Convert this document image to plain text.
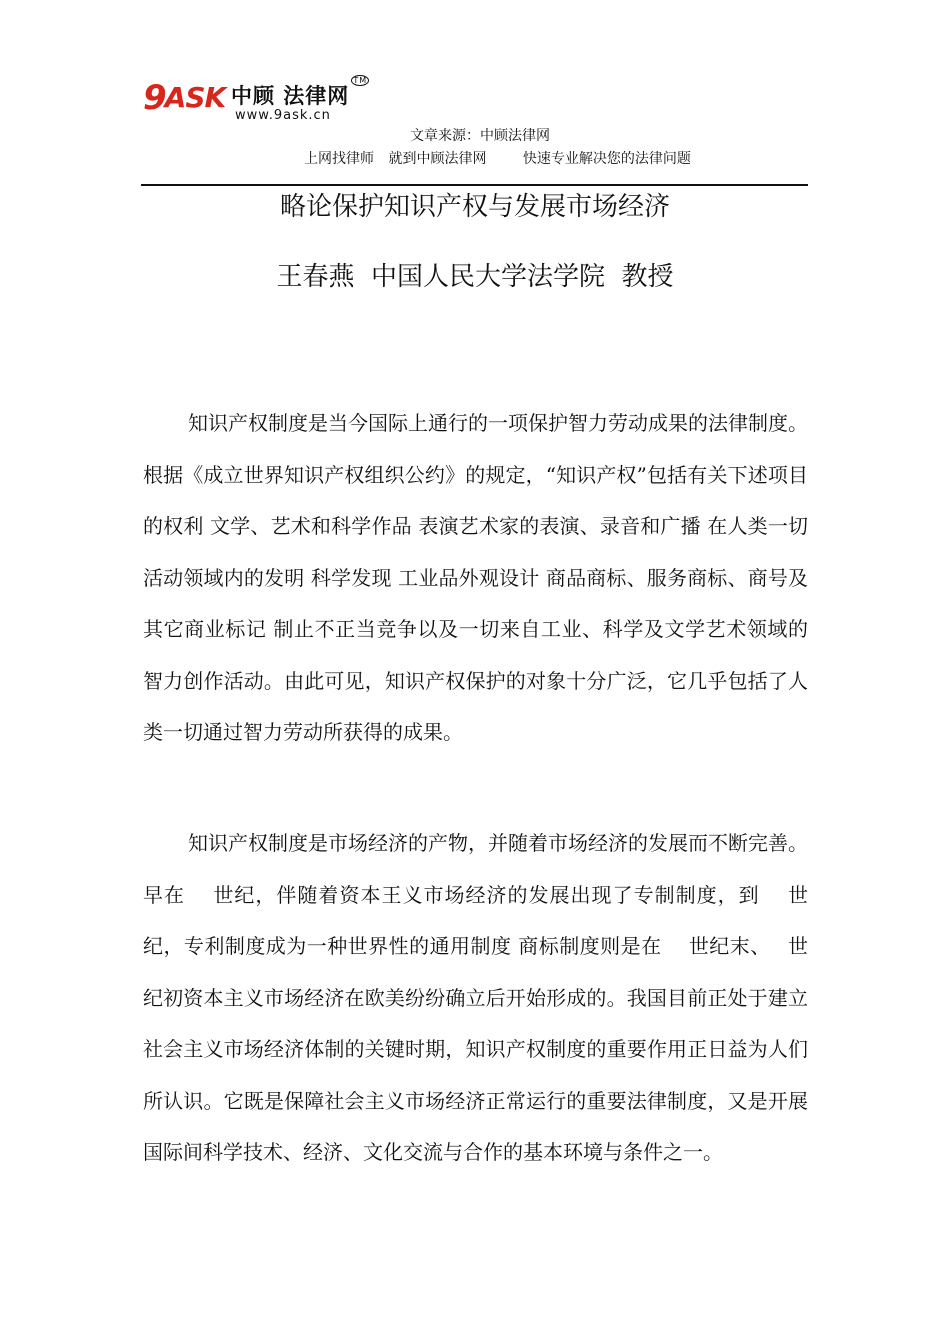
9 ASK 中顾 法律网™
www.9ask.cn
文章来源：中顾法律网
上网找律师 就到中顾法律网	快速专业解决您的法律问题
略论保护知识产权与发展市场经济
王春燕  中国人民大学法学院  教授

知识产权制度是当今国际上通行的一项保护智力劳动成果的法律制度。根据《成立世界知识产权组织公约》的规定，“知识产权”包括有关下述项目的权利 文学、艺术和科学作品 表演艺术家的表演、录音和广播 在人类一切活动领域内的发明 科学发现 工业品外观设计 商品商标、服务商标、商号及其它商业标记 制止不正当竞争以及一切来自工业、科学及文学艺术领域的智力创作活动。由此可见，知识产权保护的对象十分广泛，它几乎包括了人类一切通过智力劳动所获得的成果。

知识产权制度是市场经济的产物，并随着市场经济的发展而不断完善。早在　 世纪，伴随着资本王义市场经济的发展出现了专制制度，到　 世纪，专利制度成为一种世界性的通用制度 商标制度则是在　 世纪末、　 世纪初资本主义市场经济在欧美纷纷确立后开始形成的。我国目前正处于建立社会主义市场经济体制的关键时期，知识产权制度的重要作用正日益为人们所认识。它既是保障社会主义市场经济正常运行的重要法律制度，又是开展国际间科学技术、经济、文化交流与合作的基本环境与条件之一。
